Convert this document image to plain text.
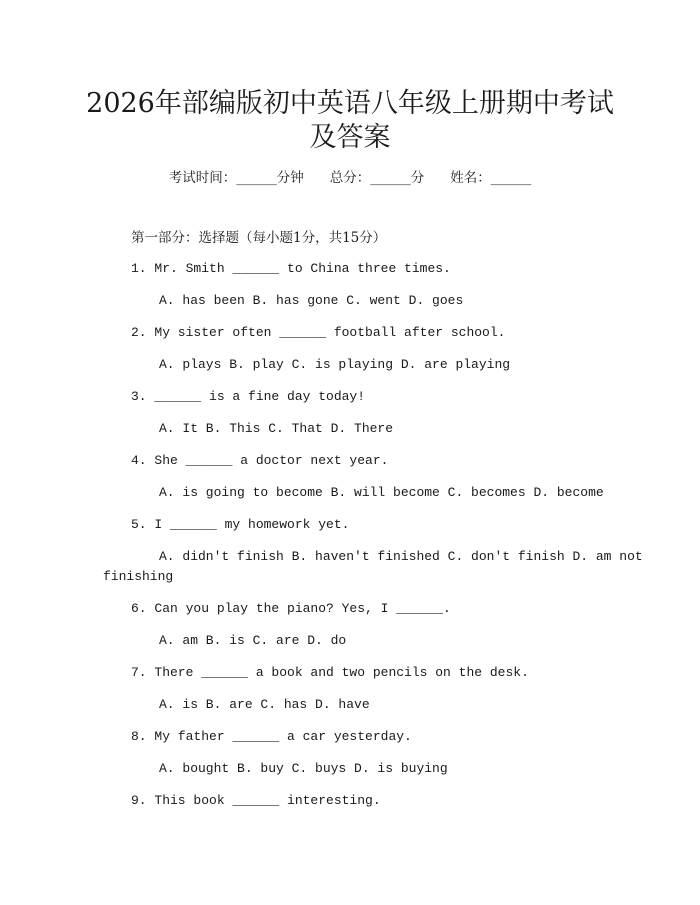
2026年部编版初中英语八年级上册期中考试
及答案
考试时间：______分钟 总分：______分 姓名：______
第一部分：选择题（每小题1分，共15分）
1. Mr. Smith ______ to China three times.
A. has been B. has gone C. went D. goes
2. My sister often ______ football after school.
A. plays B. play C. is playing D. are playing
3. ______ is a fine day today!
A. It B. This C. That D. There
4. She ______ a doctor next year.
A. is going to become B. will become C. becomes D. become
5. I ______ my homework yet.
A. didn't finish B. haven't finished C. don't finish D. am not
finishing
6. Can you play the piano? Yes, I ______.
A. am B. is C. are D. do
7. There ______ a book and two pencils on the desk.
A. is B. are C. has D. have
8. My father ______ a car yesterday.
A. bought B. buy C. buys D. is buying
9. This book ______ interesting.
